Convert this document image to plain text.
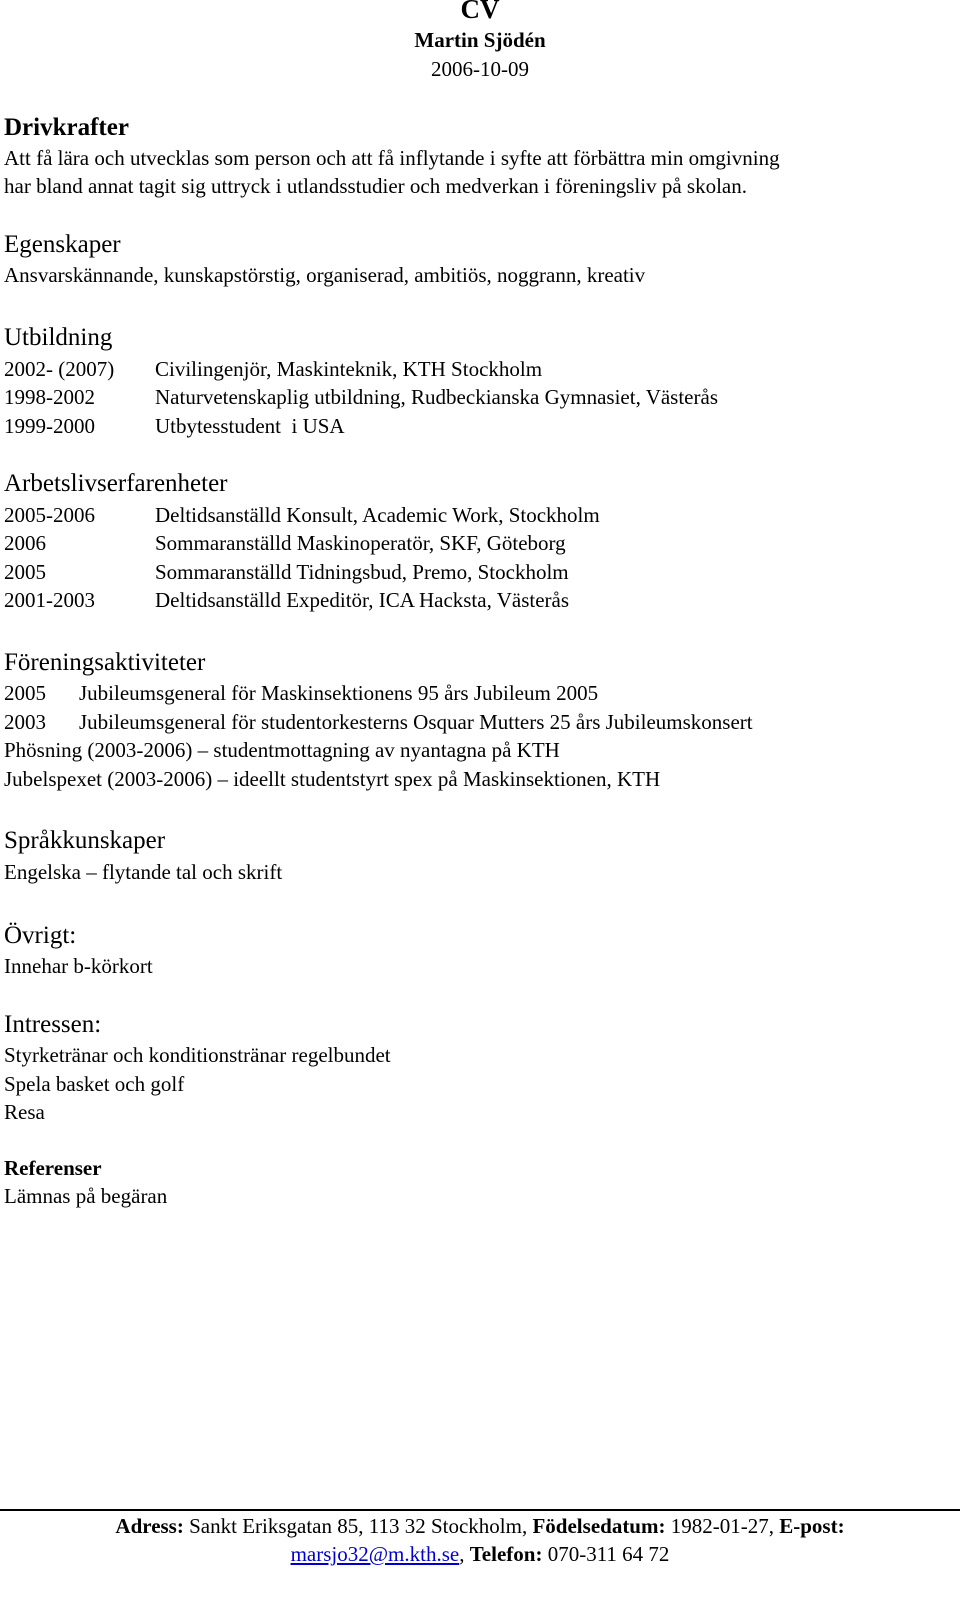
CV
Martin Sjödén
2006-10-09
Drivkrafter
Att få lära och utvecklas som person och att få inflytande i syfte att förbättra min omgivning
har bland annat tagit sig uttryck i utlandsstudier och medverkan i föreningsliv på skolan.
Egenskaper
Ansvarskännande, kunskapstörstig, organiserad, ambitiös, noggrann, kreativ
Utbildning
2002- (2007) Civilingenjör, Maskinteknik, KTH Stockholm
1998-2002	Naturvetenskaplig utbildning, Rudbeckianska Gymnasiet, Västerås
1999-2000	Utbytesstudent  i USA
Arbetslivserfarenheter
2005-2006	Deltidsanställd Konsult, Academic Work, Stockholm
2006	Sommaranställd Maskinoperatör, SKF, Göteborg
2005	Sommaranställd Tidningsbud, Premo, Stockholm
2001-2003	Deltidsanställd Expeditör, ICA Hacksta, Västerås
Föreningsaktiviteter
2005 Jubileumsgeneral för Maskinsektionens 95 års Jubileum 2005
2003 Jubileumsgeneral för studentorkesterns Osquar Mutters 25 års Jubileumskonsert
Phösning (2003-2006) – studentmottagning av nyantagna på KTH
Jubelspexet (2003-2006) – ideellt studentstyrt spex på Maskinsektionen, KTH
Språkkunskaper
Engelska – flytande tal och skrift
Övrigt:
Innehar b-körkort
Intressen:
Styrketränar och konditionstränar regelbundet
Spela basket och golf
Resa
Referenser
Lämnas på begäran
Adress: Sankt Eriksgatan 85, 113 32 Stockholm, Födelsedatum: 1982-01-27, E-post:
marsjo32@m.kth.se, Telefon: 070-311 64 72
